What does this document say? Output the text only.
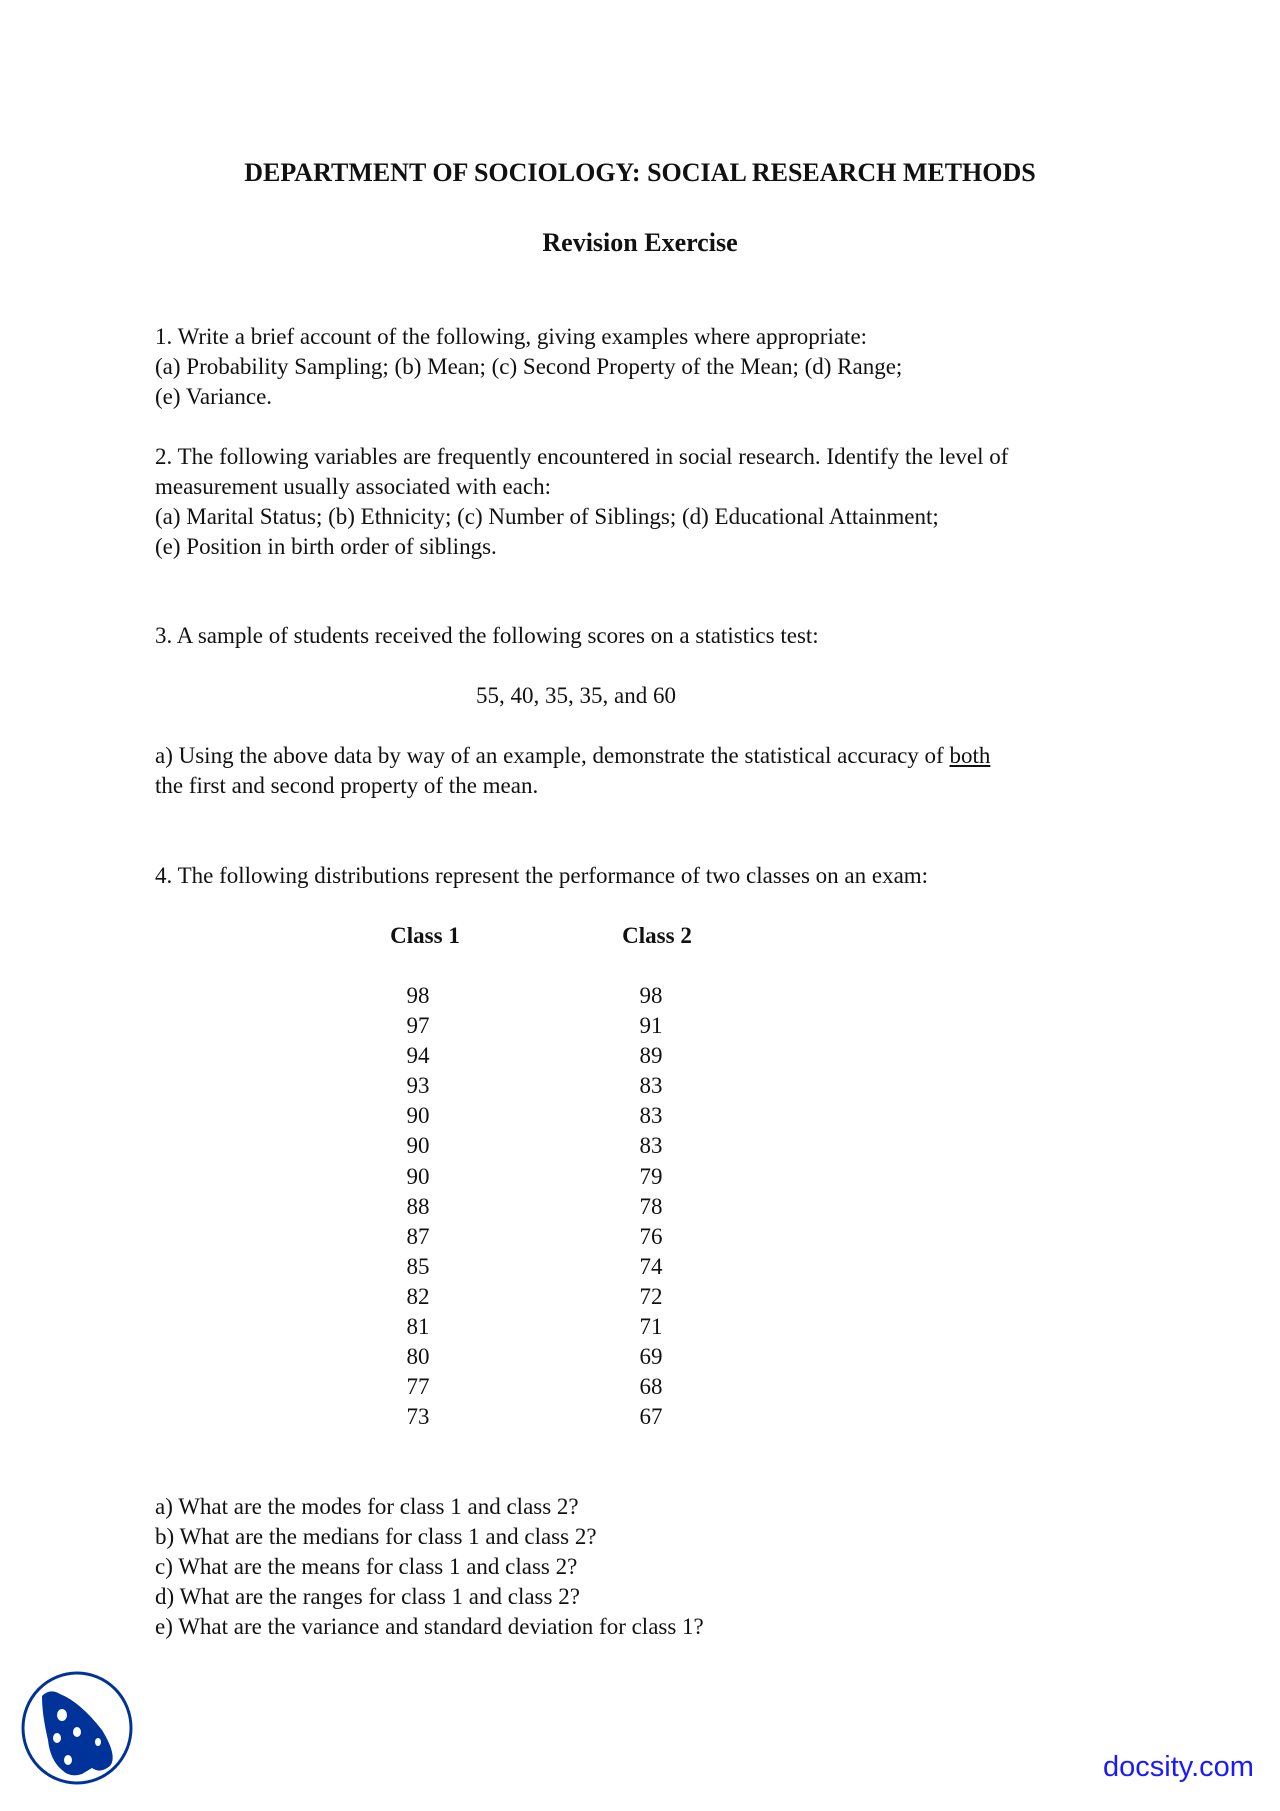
DEPARTMENT OF SOCIOLOGY: SOCIAL RESEARCH METHODS
Revision Exercise
1. Write a brief account of the following, giving examples where appropriate:
(a) Probability Sampling; (b) Mean; (c) Second Property of the Mean; (d) Range;
(e) Variance.
2. The following variables are frequently encountered in social research. Identify the level of
measurement usually associated with each:
(a) Marital Status; (b) Ethnicity; (c) Number of Siblings; (d) Educational Attainment;
(e) Position in birth order of siblings.
3. A sample of students received the following scores on a statistics test:
55, 40, 35, 35, and 60
a) Using the above data by way of an example, demonstrate the statistical accuracy of both
the first and second property of the mean.
4. The following distributions represent the performance of two classes on an exam:
Class 1	Class 2
98
97
94
93
90
90
90
88
87
85
82
81
80
77
73
98
91
89
83
83
83
79
78
76
74
72
71
69
68
67
a) What are the modes for class 1 and class 2?
b) What are the medians for class 1 and class 2?
c) What are the means for class 1 and class 2?
d) What are the ranges for class 1 and class 2?
e) What are the variance and standard deviation for class 1?
docsity.com
